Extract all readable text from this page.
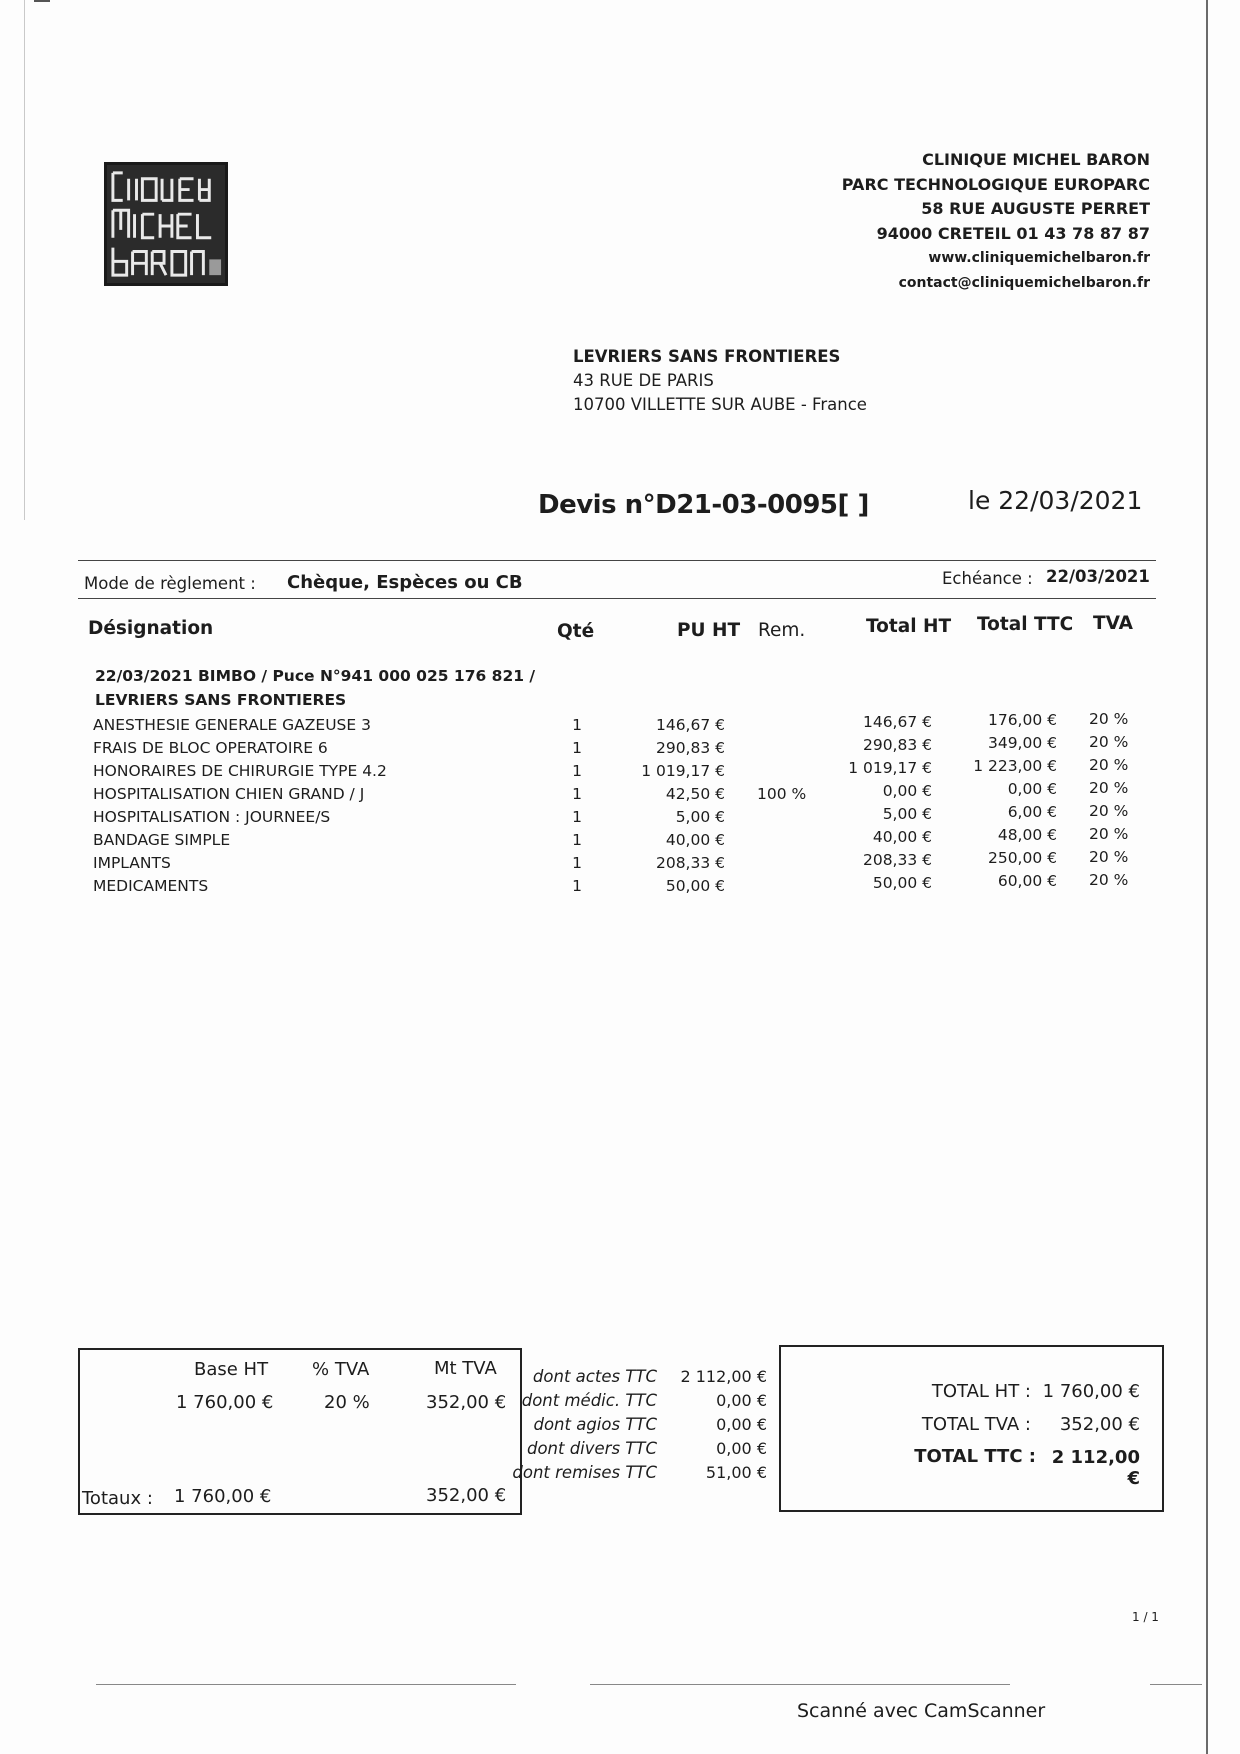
CLINIQUE MICHEL BARON
PARC TECHNOLOGIQUE EUROPARC
58 RUE AUGUSTE PERRET
94000 CRETEIL 01 43 78 87 87
www.cliniquemichelbaron.fr
contact@cliniquemichelbaron.fr
LEVRIERS SANS FRONTIERES
43 RUE DE PARIS
10700 VILLETTE SUR AUBE - France
Devis n°D21-03-0095[ ]	le 22/03/2021
Mode de règlement : Chèque, Espèces ou CB	Echéance : 22/03/2021
Désignation	Qté	PU HT Rem.	Total HT Total TTC TVA
22/03/2021 BIMBO / Puce N°941 000 025 176 821 /
LEVRIERS SANS FRONTIERES
ANESTHESIE GENERALE GAZEUSE 3	1	146,67 €	146,67 €	176,00 € 20 %
FRAIS DE BLOC OPERATOIRE 6	1	290,83 €	290,83 €	349,00 € 20 %
HONORAIRES DE CHIRURGIE TYPE 4.2	1	1 019,17 €	1 019,17 €	1 223,00 € 20 %
HOSPITALISATION CHIEN GRAND / J	1	42,50 € 100 %	0,00 €	0,00 € 20 %
HOSPITALISATION : JOURNEE/S	1	5,00 €	5,00 €	6,00 € 20 %
BANDAGE SIMPLE	1	40,00 €	40,00 €	48,00 € 20 %
IMPLANTS	1	208,33 €	208,33 €	250,00 € 20 %
MEDICAMENTS	1	50,00 €	50,00 €	60,00 € 20 %
Base HT % TVA	Mt TVA
1 760,00 €	20 %	352,00 €
Totaux : 1 760,00 €	352,00 €
dont actes TTC	2 112,00 €
dont médic. TTC	0,00 €
dont agios TTC	0,00 €
dont divers TTC	0,00 €
dont remises TTC	51,00 €
TOTAL HT : 1 760,00 €
TOTAL TVA :	352,00 €
TOTAL TTC : 2 112,00 €
1 / 1
Scanné avec CamScanner
